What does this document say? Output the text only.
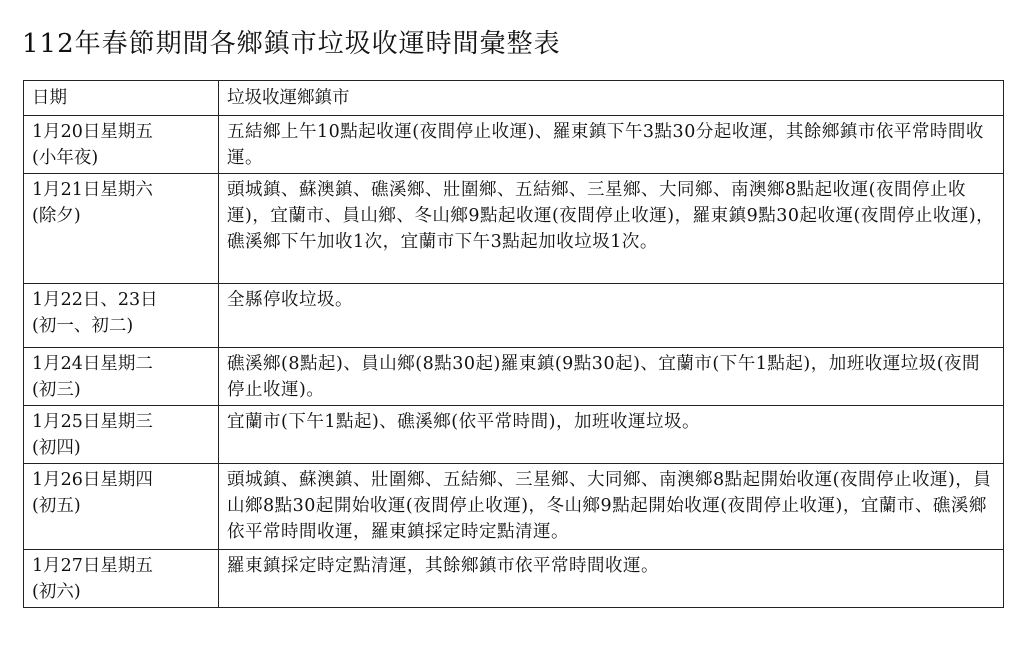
112年春節期間各鄉鎮市垃圾收運時間彙整表
日期	垃圾收運鄉鎮市

1月20日星期五
(小年夜)	五結鄉上午10點起收運(夜間停止收運)、羅東鎮下午3點30分起收運，其餘鄉鎮市依平常時間收運。

1月21日星期六
(除夕)	頭城鎮、蘇澳鎮、礁溪鄉、壯圍鄉、五結鄉、三星鄉、大同鄉、南澳鄉8點起收運(夜間停止收運)，宜蘭市、員山鄉、冬山鄉9點起收運(夜間停止收運)，羅東鎮9點30起收運(夜間停止收運)，礁溪鄉下午加收1次，宜蘭市下午3點起加收垃圾1次。

1月22日、23日
(初一、初二)	全縣停收垃圾。

1月24日星期二
(初三)	礁溪鄉(8點起)、員山鄉(8點30起)羅東鎮(9點30起)、宜蘭市(下午1點起)，加班收運垃圾(夜間停止收運)。

1月25日星期三
(初四)	宜蘭市(下午1點起)、礁溪鄉(依平常時間)，加班收運垃圾。

1月26日星期四
(初五)	頭城鎮、蘇澳鎮、壯圍鄉、五結鄉、三星鄉、大同鄉、南澳鄉8點起開始收運(夜間停止收運)，員山鄉8點30起開始收運(夜間停止收運)，冬山鄉9點起開始收運(夜間停止收運)，宜蘭市、礁溪鄉依平常時間收運，羅東鎮採定時定點清運。

1月27日星期五
(初六)	羅東鎮採定時定點清運，其餘鄉鎮市依平常時間收運。
